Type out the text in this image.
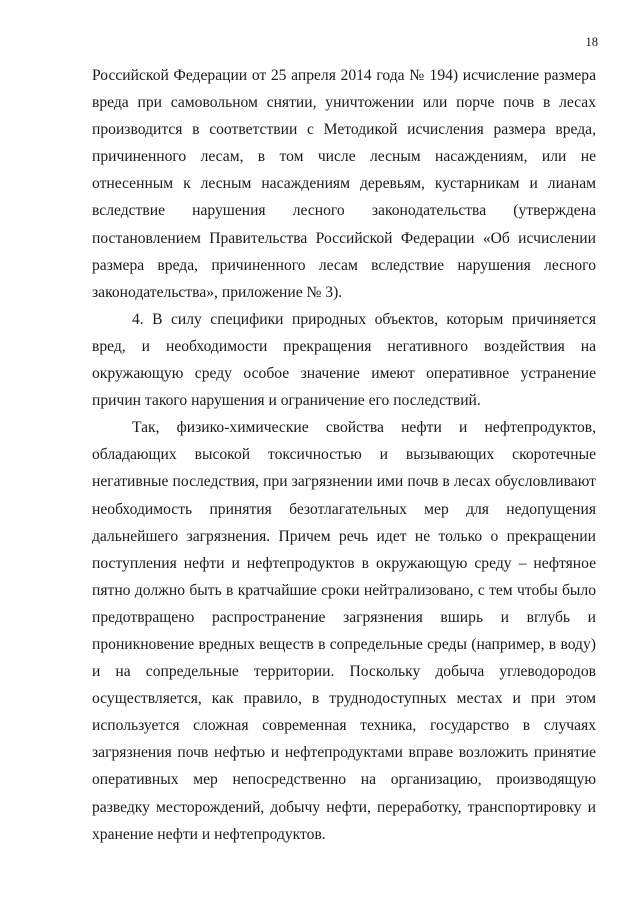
18

Российской Федерации от 25 апреля 2014 года № 194) исчисление размера вреда при самовольном снятии, уничтожении или порче почв в лесах производится в соответствии с Методикой исчисления размера вреда, причиненного лесам, в том числе лесным насаждениям, или не отнесенным к лесным насаждениям деревьям, кустарникам и лианам вследствие нарушения лесного законодательства (утверждена постановлением Правительства Российской Федерации «Об исчислении размера вреда, причиненного лесам вследствие нарушения лесного законодательства», приложение № 3).

4. В силу специфики природных объектов, которым причиняется вред, и необходимости прекращения негативного воздействия на окружающую среду особое значение имеют оперативное устранение причин такого нарушения и ограничение его последствий.

Так, физико-химические свойства нефти и нефтепродуктов, обладающих высокой токсичностью и вызывающих скоротечные негативные последствия, при загрязнении ими почв в лесах обусловливают необходимость принятия безотлагательных мер для недопущения дальнейшего загрязнения. Причем речь идет не только о прекращении поступления нефти и нефтепродуктов в окружающую среду – нефтяное пятно должно быть в кратчайшие сроки нейтрализовано, с тем чтобы было предотвращено распространение загрязнения вширь и вглубь и проникновение вредных веществ в сопредельные среды (например, в воду) и на сопредельные территории. Поскольку добыча углеводородов осуществляется, как правило, в труднодоступных местах и при этом используется сложная современная техника, государство в случаях загрязнения почв нефтью и нефтепродуктами вправе возложить принятие оперативных мер непосредственно на организацию, производящую разведку месторождений, добычу нефти, переработку, транспортировку и хранение нефти и нефтепродуктов.
